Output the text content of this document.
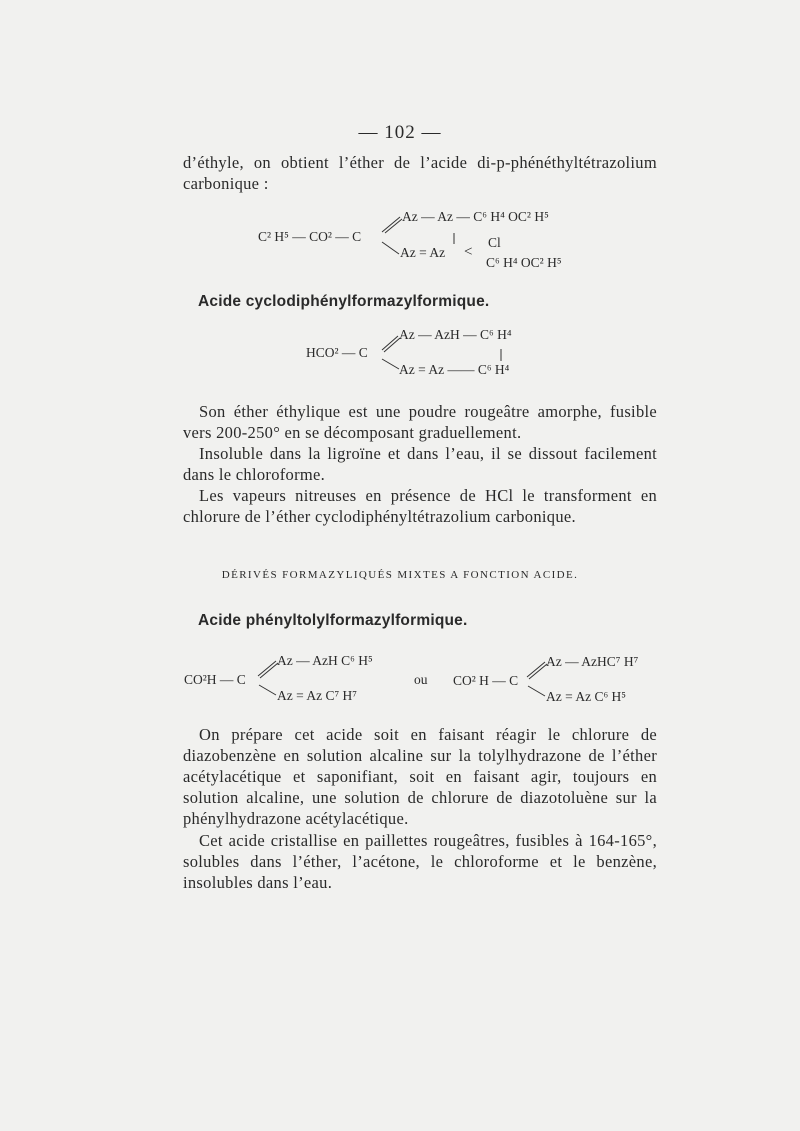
— 102 —

d’éthyle, on obtient l’éther de l’acide di-p-phénéthyltétrazolium carbonique :

C² H⁵ — CO² — C
Az — Az — C⁶ H⁴ OC² H⁵
Cl
Az = Az <
C⁶ H⁴ OC² H⁵
Acide cyclodiphénylformazylformique.
HCO² — C
Az — AzH — C⁶ H⁴
Az = Az —— C⁶ H⁴

Son éther éthylique est une poudre rougeâtre amorphe, fusible vers 200-250° en se décomposant graduellement.

Insoluble dans la ligroïne et dans l’eau, il se dissout facilement dans le chloroforme.

Les vapeurs nitreuses en présence de HCl le transforment en chlorure de l’éther cyclodiphényltétrazolium carbonique.

DÉRIVÉS FORMAZYLIQUÉS MIXTES A FONCTION ACIDE.
Acide phényltolylformazylformique.
CO²H — C
Az — AzH C⁶ H⁵
Az = Az C⁷ H⁷
ou CO² H — C
Az — AzHC⁷ H⁷
Az = Az C⁶ H⁵

On prépare cet acide soit en faisant réagir le chlorure de diazobenzène en solution alcaline sur la tolylhydrazone de l’éther acétylacétique et saponifiant, soit en faisant agir, toujours en solution alcaline, une solution de chlorure de diazotoluène sur la phénylhydrazone acétylacétique.

Cet acide cristallise en paillettes rougeâtres, fusibles à 164-165°, solubles dans l’éther, l’acétone, le chloroforme et le benzène, insolubles dans l’eau.
